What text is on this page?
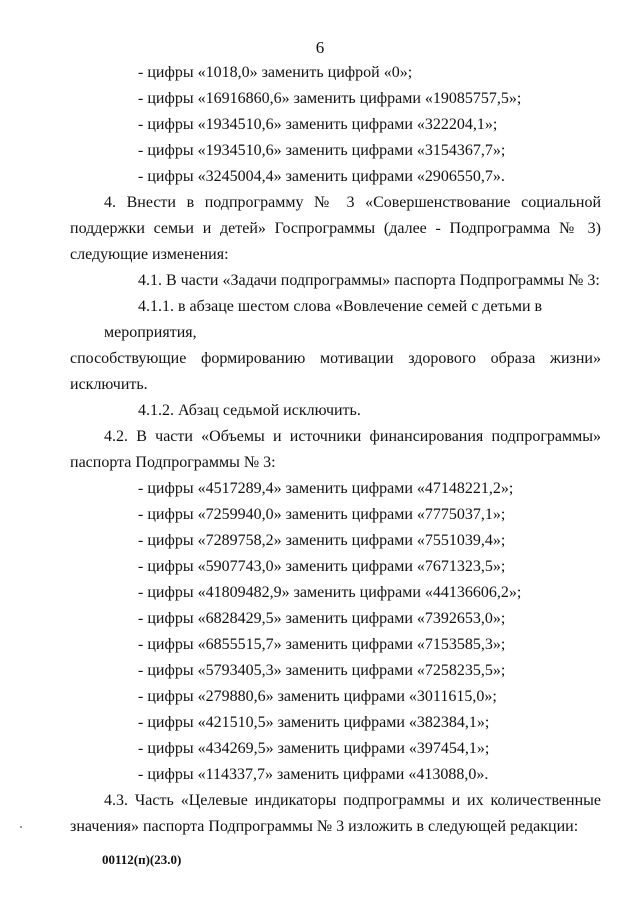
6

- цифры «1018,0» заменить цифрой «0»;

- цифры «16916860,6» заменить цифрами «19085757,5»;

- цифры «1934510,6» заменить цифрами «322204,1»;

- цифры «1934510,6» заменить цифрами «3154367,7»;

- цифры «3245004,4» заменить цифрами «2906550,7».

4. Внести в подпрограмму № 3 «Совершенствование социальной

поддержки семьи и детей» Госпрограммы (далее - Подпрограмма № 3)

следующие изменения:

4.1. В части «Задачи подпрограммы» паспорта Подпрограммы № 3:

4.1.1. в абзаце шестом слова «Вовлечение семей с детьми в мероприятия,

способствующие формированию мотивации здорового образа жизни»

исключить.

4.1.2. Абзац седьмой исключить.

4.2. В части «Объемы и источники финансирования подпрограммы»

паспорта Подпрограммы № 3:

- цифры «4517289,4» заменить цифрами «47148221,2»;

- цифры «7259940,0» заменить цифрами «7775037,1»;

- цифры «7289758,2» заменить цифрами «7551039,4»;

- цифры «5907743,0» заменить цифрами «7671323,5»;

- цифры «41809482,9» заменить цифрами «44136606,2»;

- цифры «6828429,5» заменить цифрами «7392653,0»;

- цифры «6855515,7» заменить цифрами «7153585,3»;

- цифры «5793405,3» заменить цифрами «7258235,5»;

- цифры «279880,6» заменить цифрами «3011615,0»;

- цифры «421510,5» заменить цифрами «382384,1»;

- цифры «434269,5» заменить цифрами «397454,1»;

- цифры «114337,7» заменить цифрами «413088,0».

4.3. Часть «Целевые индикаторы подпрограммы и их количественные

значения» паспорта Подпрограммы № 3 изложить в следующей редакции:

00112(п)(23.0)
